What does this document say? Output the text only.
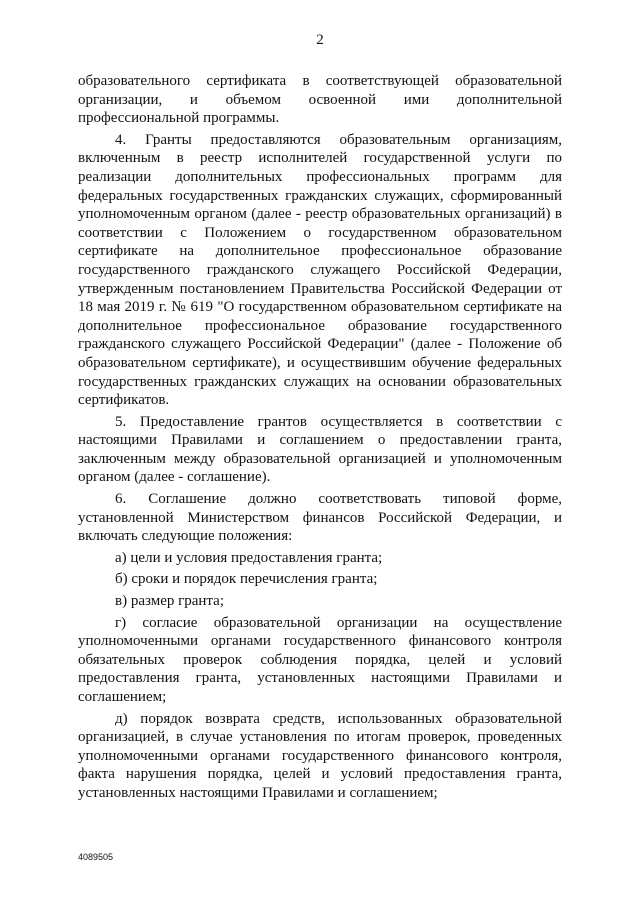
2

образовательного сертификата в соответствующей образовательной организации, и объемом освоенной ими дополнительной профессиональной программы.

4. Гранты предоставляются образовательным организациям, включенным в реестр исполнителей государственной услуги по реализации дополнительных профессиональных программ для федеральных государственных гражданских служащих, сформированный уполномоченным органом (далее - реестр образовательных организаций) в соответствии с Положением о государственном образовательном сертификате на дополнительное профессиональное образование государственного гражданского служащего Российской Федерации, утвержденным постановлением Правительства Российской Федерации от 18 мая 2019 г. № 619 "О государственном образовательном сертификате на дополнительное профессиональное образование государственного гражданского служащего Российской Федерации" (далее - Положение об образовательном сертификате), и осуществившим обучение федеральных государственных гражданских служащих на основании образовательных сертификатов.

5. Предоставление грантов осуществляется в соответствии с настоящими Правилами и соглашением о предоставлении гранта, заключенным между образовательной организацией и уполномоченным органом (далее - соглашение).

6. Соглашение должно соответствовать типовой форме, установленной Министерством финансов Российской Федерации, и включать следующие положения:

а) цели и условия предоставления гранта;

б) сроки и порядок перечисления гранта;

в) размер гранта;

г) согласие образовательной организации на осуществление уполномоченными органами государственного финансового контроля обязательных проверок соблюдения порядка, целей и условий предоставления гранта, установленных настоящими Правилами и соглашением;

д) порядок возврата средств, использованных образовательной организацией, в случае установления по итогам проверок, проведенных уполномоченными органами государственного финансового контроля, факта нарушения порядка, целей и условий предоставления гранта, установленных настоящими Правилами и соглашением;

4089505
